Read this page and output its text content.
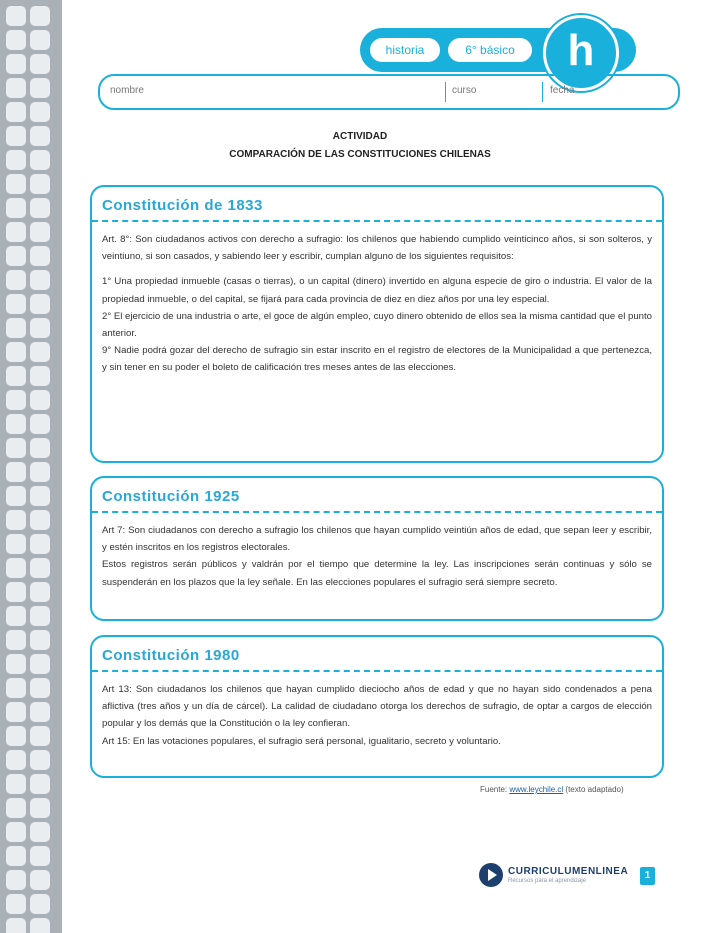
historia	6° básico	h
nombre	curso	fecha
ACTIVIDAD
COMPARACIÓN DE LAS CONSTITUCIONES CHILENAS
Constitución de 1833

Art. 8°: Son ciudadanos activos con derecho a sufragio: los chilenos que habiendo cumplido veinticinco años, si son solteros, y veintiuno, si son casados, y sabiendo leer y escribir, cumplan alguno de los siguientes requisitos:

1° Una propiedad inmueble (casas o tierras), o un capital (dinero) invertido en alguna especie de giro o industria. El valor de la propiedad inmueble, o del capital, se fijará para cada provincia de diez en diez años por una ley especial.

2° El ejercicio de una industria o arte, el goce de algún empleo, cuyo dinero obtenido de ellos sea la misma cantidad que el punto anterior.

9° Nadie podrá gozar del derecho de sufragio sin estar inscrito en el registro de electores de la Municipalidad a que pertenezca, y sin tener en su poder el boleto de calificación tres meses antes de las elecciones.

Constitución 1925

Art 7: Son ciudadanos con derecho a sufragio los chilenos que hayan cumplido veintiún años de edad, que sepan leer y escribir, y estén inscritos en los registros electorales.

Estos registros serán públicos y valdrán por el tiempo que determine la ley. Las inscripciones serán continuas y sólo se suspenderán en los plazos que la ley señale. En las elecciones populares el sufragio será siempre secreto.

Constitución 1980

Art 13: Son ciudadanos los chilenos que hayan cumplido dieciocho años de edad y que no hayan sido condenados a pena aflictiva (tres años y un día de cárcel). La calidad de ciudadano otorga los derechos de sufragio, de optar a cargos de elección popular y los demás que la Constitución o la ley confieran.

Art 15: En las votaciones populares, el sufragio será personal, igualitario, secreto y voluntario.

Fuente: www.leychile.cl (texto adaptado)
CURRICULUMENLINEA
Recursos para el aprendizaje	1
